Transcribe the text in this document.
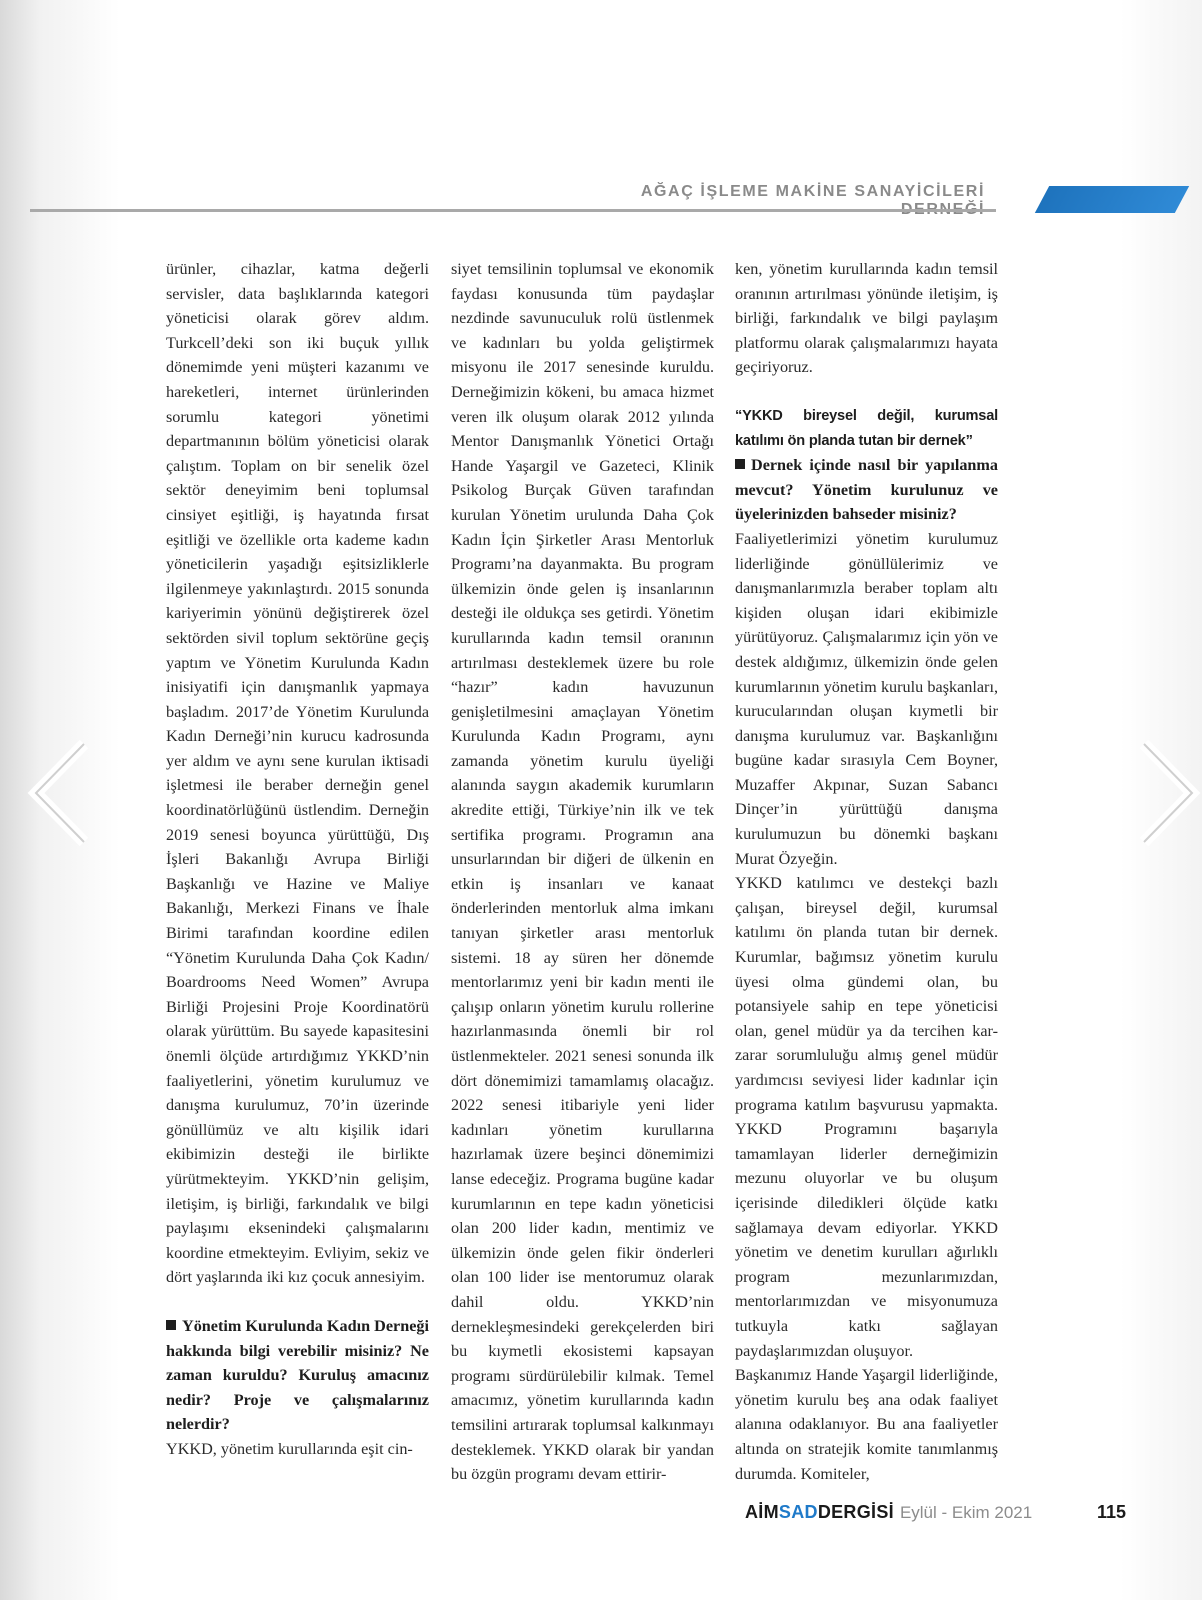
AĞAÇ İŞLEME MAKİNE SANAYİCİLERİ

ürünler, cihazlar, katma değerli servisler, data başlıklarında kategori yöneticisi olarak görev aldım. Turkcell’deki son iki buçuk yıllık dönemimde yeni müşteri kazanımı ve hareketleri, internet ürünlerinden sorumlu kategori yönetimi departmanının bölüm yöneticisi olarak çalıştım. Toplam on bir senelik özel sektör deneyimim beni toplumsal cinsiyet eşitliği, iş hayatında fırsat eşitliği ve özellikle orta kademe kadın yöneticilerin yaşadığı eşitsizliklerle ilgilenmeye yakınlaştırdı. 2015 sonunda kariyerimin yönünü değiştirerek özel sektörden sivil toplum sektörüne geçiş yaptım ve Yönetim Kurulunda Kadın inisiyatifi için danışmanlık yapmaya başladım. 2017’de Yönetim Kurulunda Kadın Derneği’nin kurucu kadrosunda yer aldım ve aynı sene kurulan iktisadi işletmesi ile beraber derneğin genel koordinatörlüğünü üstlendim. Derneğin 2019 senesi boyunca yürüttüğü, Dış İşleri Bakanlığı Avrupa Birliği Başkanlığı ve Hazine ve Maliye Bakanlığı, Merkezi Finans ve İhale Birimi tarafından koordine edilen “Yönetim Kurulunda Daha Çok Kadın/ Boardrooms Need Women” Avrupa Birliği Projesini Proje Koordinatörü olarak yürüttüm. Bu sayede kapasitesini önemli ölçüde artırdığımız YKKD’nin faaliyetlerini, yönetim kurulumuz ve danışma kurulumuz, 70’in üzerinde gönüllümüz ve altı kişilik idari ekibimizin desteği ile birlikte yürütmekteyim. YKKD’nin gelişim, iletişim, iş birliği, farkındalık ve bilgi paylaşımı eksenindeki çalışmalarını koordine etmekteyim. Evliyim, sekiz ve dört yaşlarında iki kız çocuk annesiyim.

Yönetim Kurulunda Kadın Derneği hakkında bilgi verebilir misiniz? Ne zaman kuruldu? Kuruluş amacınız nedir? Proje ve çalışmalarınız nelerdir?

YKKD, yönetim kurullarında eşit cin-

siyet temsilinin toplumsal ve ekonomik faydası konusunda tüm paydaşlar nezdinde savunuculuk rolü üstlenmek ve kadınları bu yolda geliştirmek misyonu ile 2017 senesinde kuruldu. Derneğimizin kökeni, bu amaca hizmet veren ilk oluşum olarak 2012 yılında Mentor Danışmanlık Yönetici Ortağı Hande Yaşargil ve Gazeteci, Klinik Psikolog Burçak Güven tarafından kurulan Yönetim urulunda Daha Çok Kadın İçin Şirketler Arası Mentorluk Programı’na dayanmakta. Bu program ülkemizin önde gelen iş insanlarının desteği ile oldukça ses getirdi. Yönetim kurullarında kadın temsil oranının artırılması desteklemek üzere bu role “hazır” kadın havuzunun genişletilmesini amaçlayan Yönetim Kurulunda Kadın Programı, aynı zamanda yönetim kurulu üyeliği alanında saygın akademik kurumların akredite ettiği, Türkiye’nin ilk ve tek sertifika programı. Programın ana unsurlarından bir diğeri de ülkenin en etkin iş insanları ve kanaat önderlerinden mentorluk alma imkanı tanıyan şirketler arası mentorluk sistemi. 18 ay süren her dönemde mentorlarımız yeni bir kadın menti ile çalışıp onların yönetim kurulu rollerine hazırlanmasında önemli bir rol üstlenmekteler. 2021 senesi sonunda ilk dört dönemimizi tamamlamış olacağız. 2022 senesi itibariyle yeni lider kadınları yönetim kurullarına hazırlamak üzere beşinci dönemimizi lanse edeceğiz. Programa bugüne kadar kurumlarının en tepe kadın yöneticisi olan 200 lider kadın, mentimiz ve ülkemizin önde gelen fikir önderleri olan 100 lider ise mentorumuz olarak dahil oldu. YKKD’nin dernekleşmesindeki gerekçelerden biri bu kıymetli ekosistemi kapsayan programı sürdürülebilir kılmak. Temel amacımız, yönetim kurullarında kadın temsilini artırarak toplumsal kalkınmayı desteklemek. YKKD olarak bir yandan bu özgün programı devam ettirir-

ken, yönetim kurullarında kadın temsil oranının artırılması yönünde iletişim, iş birliği, farkındalık ve bilgi paylaşım platformu olarak çalışmalarımızı hayata geçiriyoruz.

“YKKD bireysel değil, kurumsal katılımı ön planda tutan bir dernek”

Dernek içinde nasıl bir yapılanma mevcut? Yönetim kurulunuz ve üyelerinizden bahseder misiniz?

Faaliyetlerimizi yönetim kurulumuz liderliğinde gönüllülerimiz ve danışmanlarımızla beraber toplam altı kişiden oluşan idari ekibimizle yürütüyoruz. Çalışmalarımız için yön ve destek aldığımız, ülkemizin önde gelen kurumlarının yönetim kurulu başkanları, kurucularından oluşan kıymetli bir danışma kurulumuz var. Başkanlığını bugüne kadar sırasıyla Cem Boyner, Muzaffer Akpınar, Suzan Sabancı Dinçer’in yürüttüğü danışma kurulumuzun bu dönemki başkanı Murat Özyeğin.

YKKD katılımcı ve destekçi bazlı çalışan, bireysel değil, kurumsal katılımı ön planda tutan bir dernek. Kurumlar, bağımsız yönetim kurulu üyesi olma gündemi olan, bu potansiyele sahip en tepe yöneticisi olan, genel müdür ya da tercihen kar-zarar sorumluluğu almış genel müdür yardımcısı seviyesi lider kadınlar için programa katılım başvurusu yapmakta. YKKD Programını başarıyla tamamlayan liderler derneğimizin mezunu oluyorlar ve bu oluşum içerisinde diledikleri ölçüde katkı sağlamaya devam ediyorlar. YKKD yönetim ve denetim kurulları ağırlıklı program mezunlarımızdan, mentorlarımızdan ve misyonumuza tutkuyla katkı sağlayan paydaşlarımızdan oluşuyor.

Başkanımız Hande Yaşargil liderliğinde, yönetim kurulu beş ana odak faaliyet alanına odaklanıyor. Bu ana faaliyetler altında on stratejik komite tanımlanmış durumda. Komiteler,

AİMSADDERGİSİ Eylül - Ekim 2021	115
